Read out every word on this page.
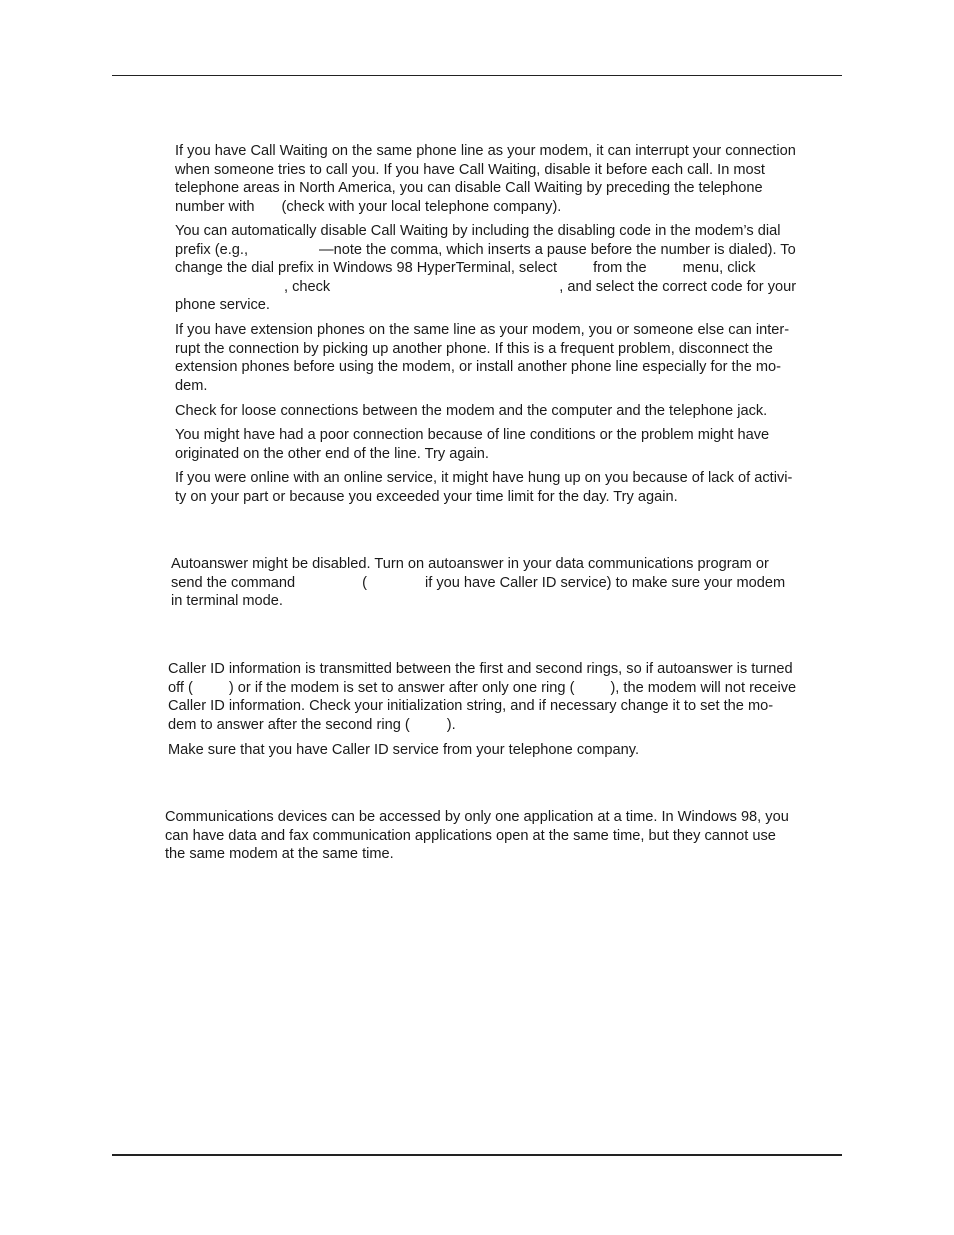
If you have Call Waiting on the same phone line as your modem, it can interrupt your connection
when someone tries to call you. If you have Call Waiting, disable it before each call. In most
telephone areas in North America, you can disable Call Waiting by preceding the telephone
number with (check with your local telephone company).

You can automatically disable Call Waiting by including the disabling code in the modem’s dial
prefix (e.g.,	—note the comma, which inserts a pause before the number is dialed). To
change the dial prefix in Windows 98 HyperTerminal, select from the menu, click
, check	, and select the correct code for your
phone service.

If you have extension phones on the same line as your modem, you or someone else can inter-
rupt the connection by picking up another phone. If this is a frequent problem, disconnect the
extension phones before using the modem, or install another phone line especially for the mo-
dem.

Check for loose connections between the modem and the computer and the telephone jack.

You might have had a poor connection because of line conditions or the problem might have
originated on the other end of the line. Try again.

If you were online with an online service, it might have hung up on you because of lack of activi-
ty on your part or because you exceeded your time limit for the day. Try again.

Autoanswer might be disabled. Turn on autoanswer in your data communications program or
send the command	(	if you have Caller ID service) to make sure your modem
in terminal mode.

Caller ID information is transmitted between the first and second rings, so if autoanswer is turned
off ( ) or if the modem is set to answer after only one ring ( ), the modem will not receive
Caller ID information. Check your initialization string, and if necessary change it to set the mo-
dem to answer after the second ring (	).

Make sure that you have Caller ID service from your telephone company.

Communications devices can be accessed by only one application at a time. In Windows 98, you
can have data and fax communication applications open at the same time, but they cannot use
the same modem at the same time.
